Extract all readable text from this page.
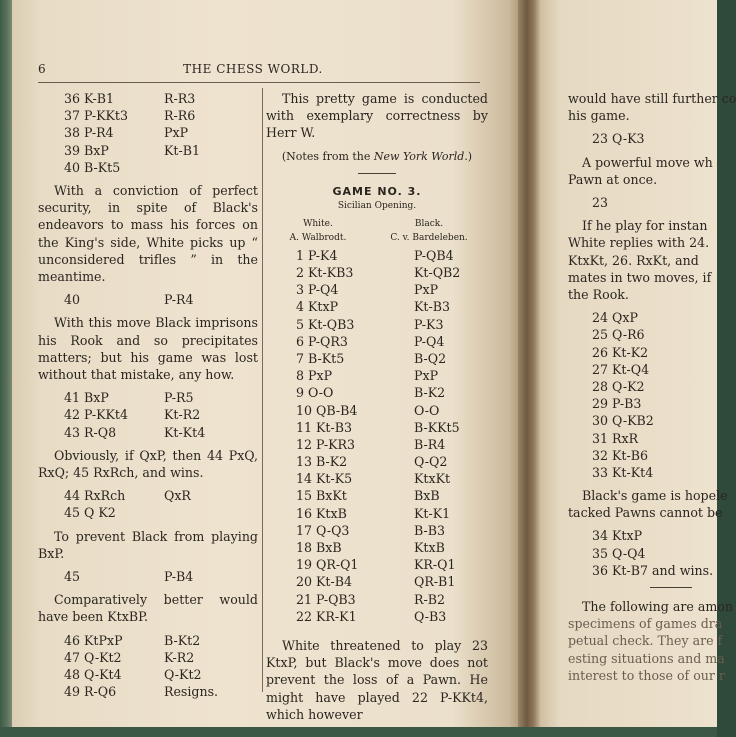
6	THE CHESS WORLD.
36 K-B1	R-R3
37 P-KKt3	R-R6
38 P-R4	PxP
39 BxP	Kt-B1
40 B-Kt5

With a conviction of perfect security, in spite of Black's endeavors to mass his forces on the King's side, White picks up “ unconsidered trifles ” in the meantime.

40	P-R4

With this move Black imprisons his Rook and so precipitates matters; but his game was lost without that mistake, any how.

41 BxP	P-R5
42 P-KKt4	Kt-R2
43 R-Q8	Kt-Kt4

Obviously, if QxP, then 44 PxQ, RxQ; 45 RxRch, and wins.

44 RxRch	QxR
45 Q K2

To prevent Black from playing BxP.

45	P-B4

Comparatively better would have been KtxBP.

46 KtPxP	B-Kt2
47 Q-Kt2	K-R2
48 Q-Kt4	Q-Kt2
49 R-Q6	Resigns.

This pretty game is conducted with exemplary correctness by Herr W.

(Notes from the New York World.)

GAME NO. 3.
Sicilian Opening.
White.	Black.
A. Walbrodt.	C. v. Bardeleben.
1 P-K4	P-QB4
2 Kt-KB3	Kt-QB2
3 P-Q4	PxP
4 KtxP	Kt-B3
5 Kt-QB3	P-K3
6 P-QR3	P-Q4
7 B-Kt5	B-Q2
8 PxP	PxP
9 O-O	B-K2
10 QB-B4	O-O
11 Kt-B3	B-KKt5
12 P-KR3	B-R4
13 B-K2	Q-Q2
14 Kt-K5	KtxKt
15 BxKt	BxB
16 KtxB	Kt-K1
17 Q-Q3	B-B3
18 BxB	KtxB
19 QR-Q1	KR-Q1
20 Kt-B4	QR-B1
21 P-QB3	R-B2
22 KR-K1	Q-B3

White threatened to play 23 KtxP, but Black's move does not prevent the loss of a Pawn. He might have played 22 P-KKt4, which however

would have still further co

his game.

23 Q-K3

A powerful move wh

Pawn at once.

23

If he play for instan

White replies with 24.

KtxKt, 26. RxKt, and

mates in two moves, if

the Rook.

24 QxP
25 Q-R6
26 Kt-K2
27 Kt-Q4
28 Q-K2
29 P-B3
30 Q-KB2
31 RxR
32 Kt-B6
33 Kt-Kt4

Black's game is hopele

tacked Pawns cannot be

34 KtxP
35 Q-Q4
36 Kt-B7 and wins.

The following are amon

specimens of games dra

petual check. They are f

esting situations and ma

interest to those of our r
